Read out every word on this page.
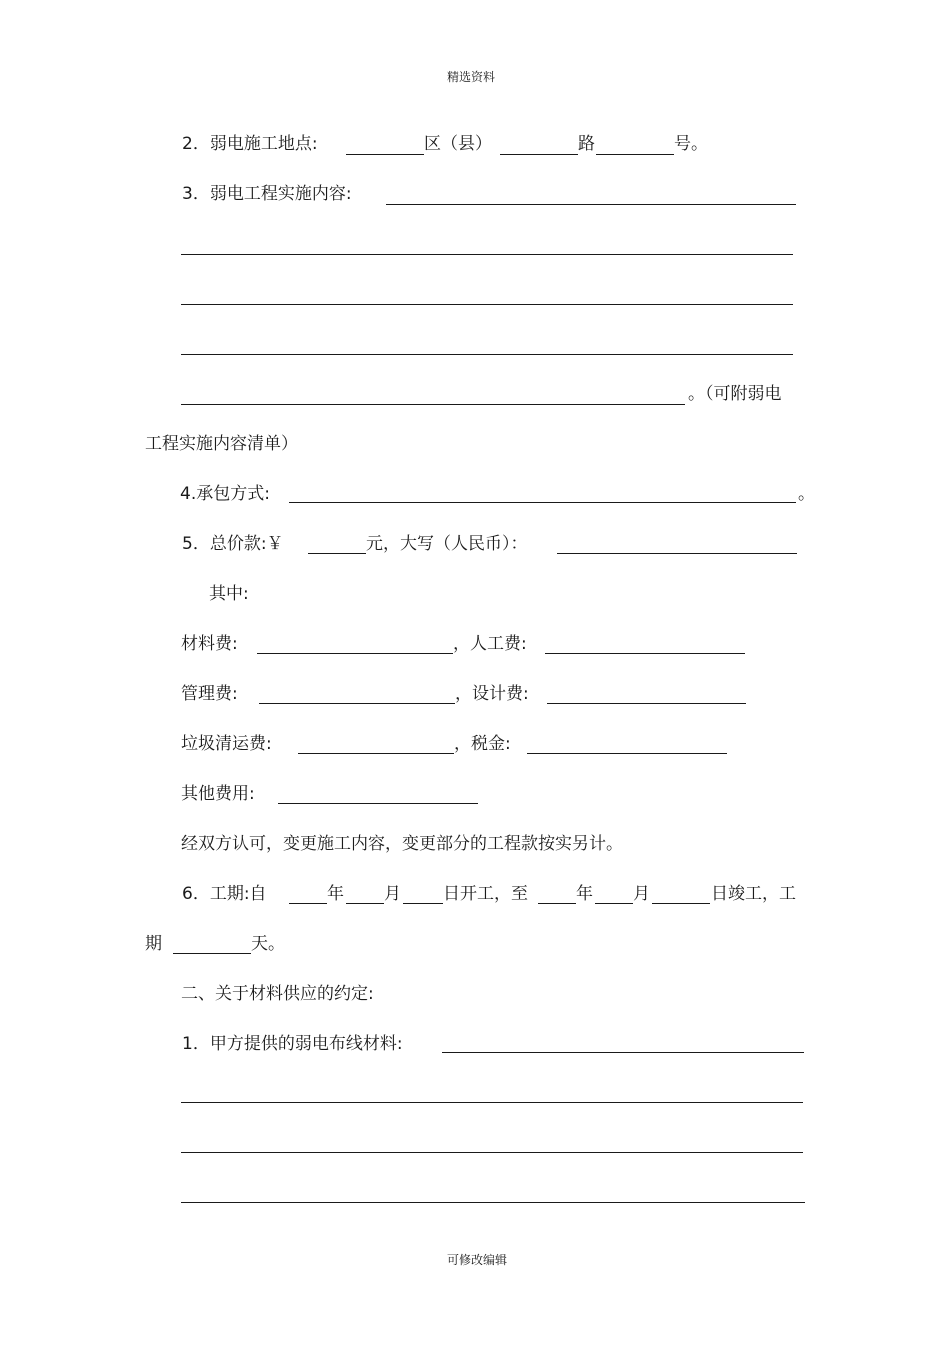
精选资料
2．弱电施工地点:	区（县）	路	号。
3．弱电工程实施内容:
。（可附弱电
工程实施内容清单）
4.承包方式:	。
5．总价款:￥	元，大写（人民币）：
其中:
材料费:	，人工费:
管理费:	，设计费:
垃圾清运费:	，税金:
其他费用:
经双方认可，变更施工内容，变更部分的工程款按实另计。
6．工期:自	年 月 日开工，至	年 月	日竣工，工
期	天。
二、关于材料供应的约定:
1．甲方提供的弱电布线材料:
可修改编辑
